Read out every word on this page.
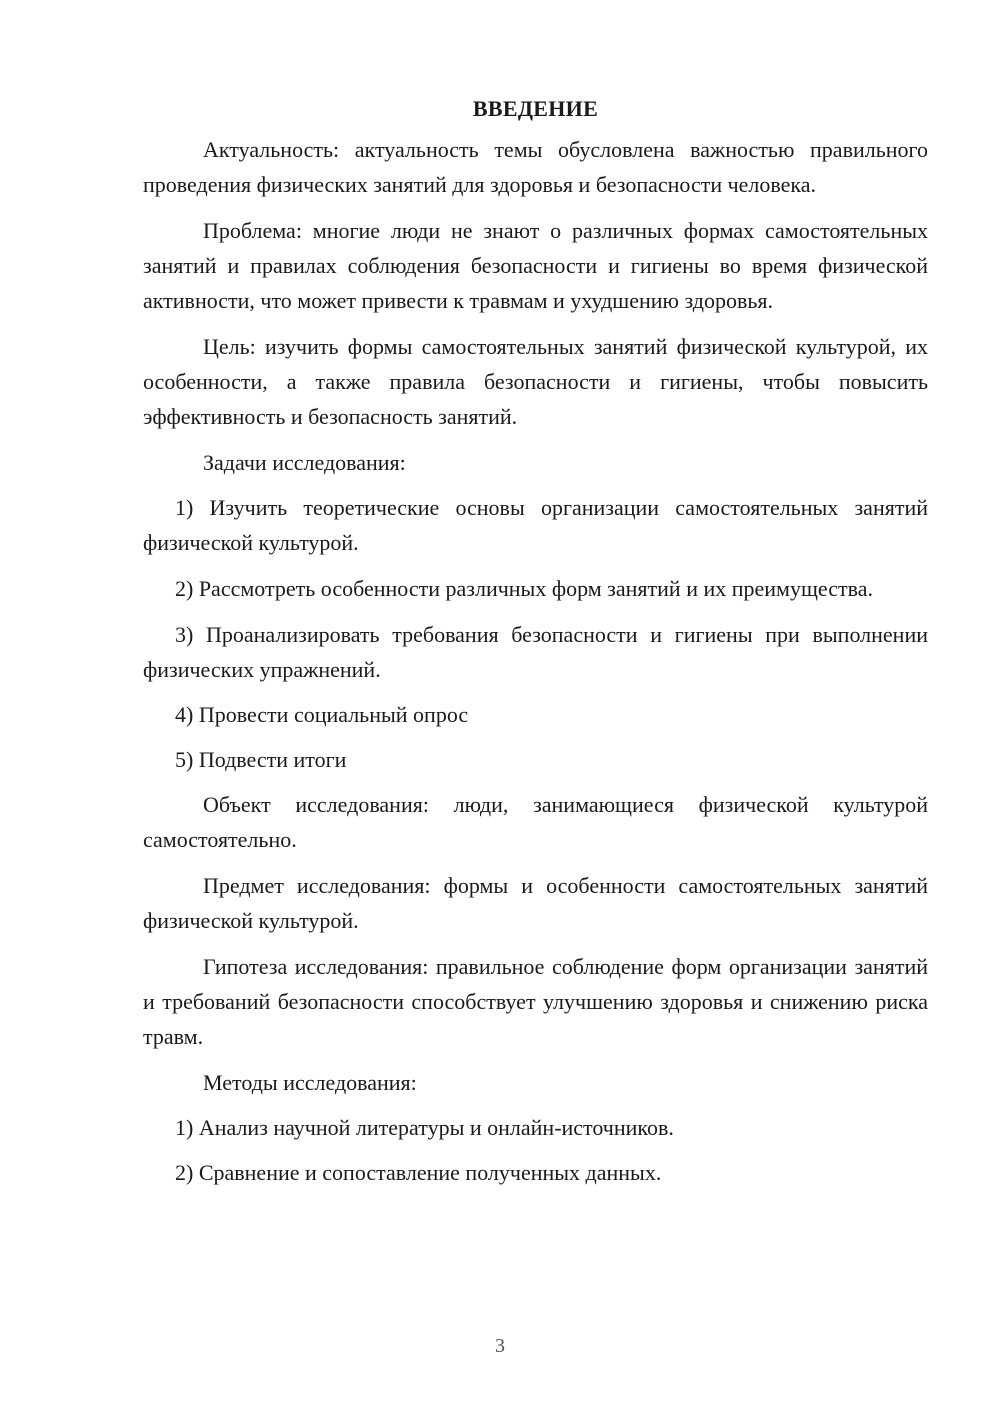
ВВЕДЕНИЕ

Актуальность: актуальность темы обусловлена важностью правильного проведения физических занятий для здоровья и безопасности человека.

Проблема: многие люди не знают о различных формах самостоятельных занятий и правилах соблюдения безопасности и гигиены во время физической активности, что может привести к травмам и ухудшению здоровья.

Цель: изучить формы самостоятельных занятий физической культурой, их особенности, а также правила безопасности и гигиены, чтобы повысить эффективность и безопасность занятий.

Задачи исследования:

1) Изучить теоретические основы организации самостоятельных занятий физической культурой.

2) Рассмотреть особенности различных форм занятий и их преимущества.

3) Проанализировать требования безопасности и гигиены при выполнении физических упражнений.

4) Провести социальный опрос

5) Подвести итоги

Объект исследования: люди, занимающиеся физической культурой самостоятельно.

Предмет исследования: формы и особенности самостоятельных занятий физической культурой.

Гипотеза исследования: правильное соблюдение форм организации занятий и требований безопасности способствует улучшению здоровья и снижению риска травм.

Методы исследования:

1) Анализ научной литературы и онлайн-источников.

2) Сравнение и сопоставление полученных данных.

3
